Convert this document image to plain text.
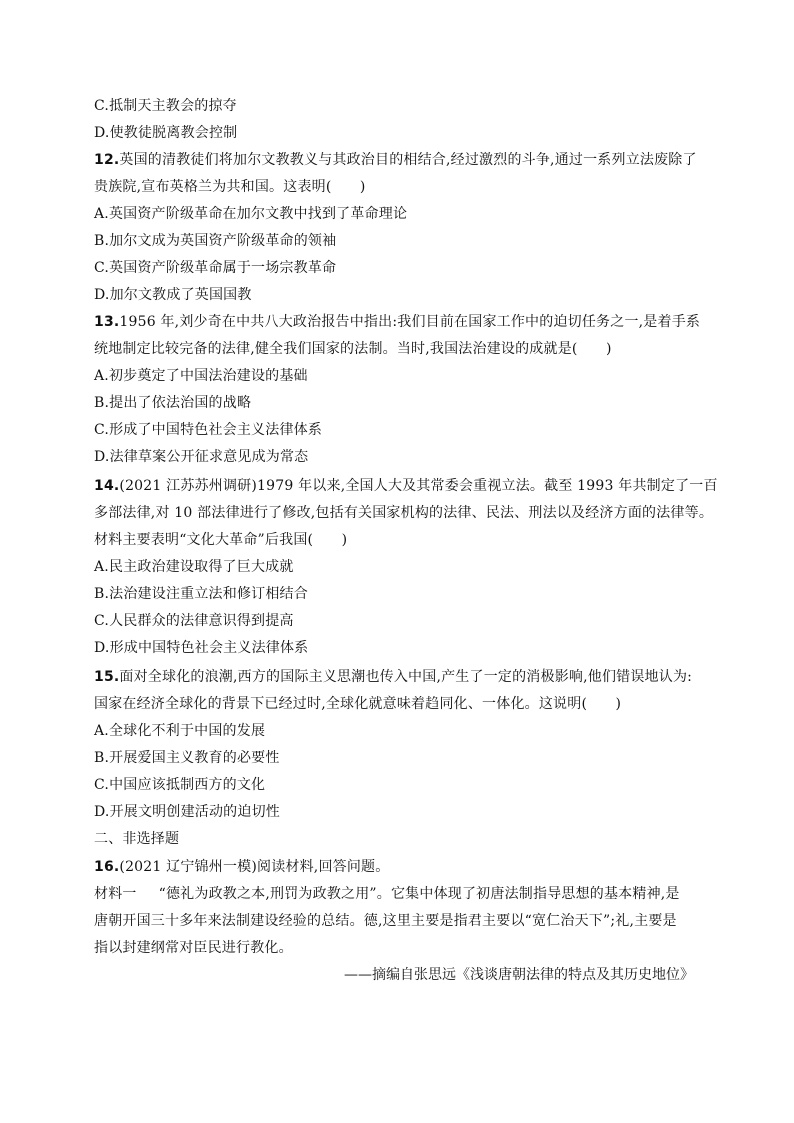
C.抵制天主教会的掠夺
D.使教徒脱离教会控制
12.英国的清教徒们将加尔文教教义与其政治目的相结合,经过激烈的斗争,通过一系列立法废除了
贵族院,宣布英格兰为共和国。这表明(　　)
A.英国资产阶级革命在加尔文教中找到了革命理论
B.加尔文成为英国资产阶级革命的领袖
C.英国资产阶级革命属于一场宗教革命
D.加尔文教成了英国国教
13.1956 年,刘少奇在中共八大政治报告中指出:我们目前在国家工作中的迫切任务之一,是着手系
统地制定比较完备的法律,健全我们国家的法制。当时,我国法治建设的成就是(　　)
A.初步奠定了中国法治建设的基础
B.提出了依法治国的战略
C.形成了中国特色社会主义法律体系
D.法律草案公开征求意见成为常态
14.(2021 江苏苏州调研)1979 年以来,全国人大及其常委会重视立法。截至 1993 年共制定了一百
多部法律,对 10 部法律进行了修改,包括有关国家机构的法律、民法、刑法以及经济方面的法律等。
材料主要表明“文化大革命”后我国(　　)
A.民主政治建设取得了巨大成就
B.法治建设注重立法和修订相结合
C.人民群众的法律意识得到提高
D.形成中国特色社会主义法律体系
15.面对全球化的浪潮,西方的国际主义思潮也传入中国,产生了一定的消极影响,他们错误地认为:
国家在经济全球化的背景下已经过时,全球化就意味着趋同化、一体化。这说明(　　)
A.全球化不利于中国的发展
B.开展爱国主义教育的必要性
C.中国应该抵制西方的文化
D.开展文明创建活动的迫切性
二、非选择题
16.(2021 辽宁锦州一模)阅读材料,回答问题。
材料一 “德礼为政教之本,刑罚为政教之用”。它集中体现了初唐法制指导思想的基本精神,是
唐朝开国三十多年来法制建设经验的总结。德,这里主要是指君主要以“宽仁治天下”;礼,主要是
指以封建纲常对臣民进行教化。
——摘编自张思远《浅谈唐朝法律的特点及其历史地位》
